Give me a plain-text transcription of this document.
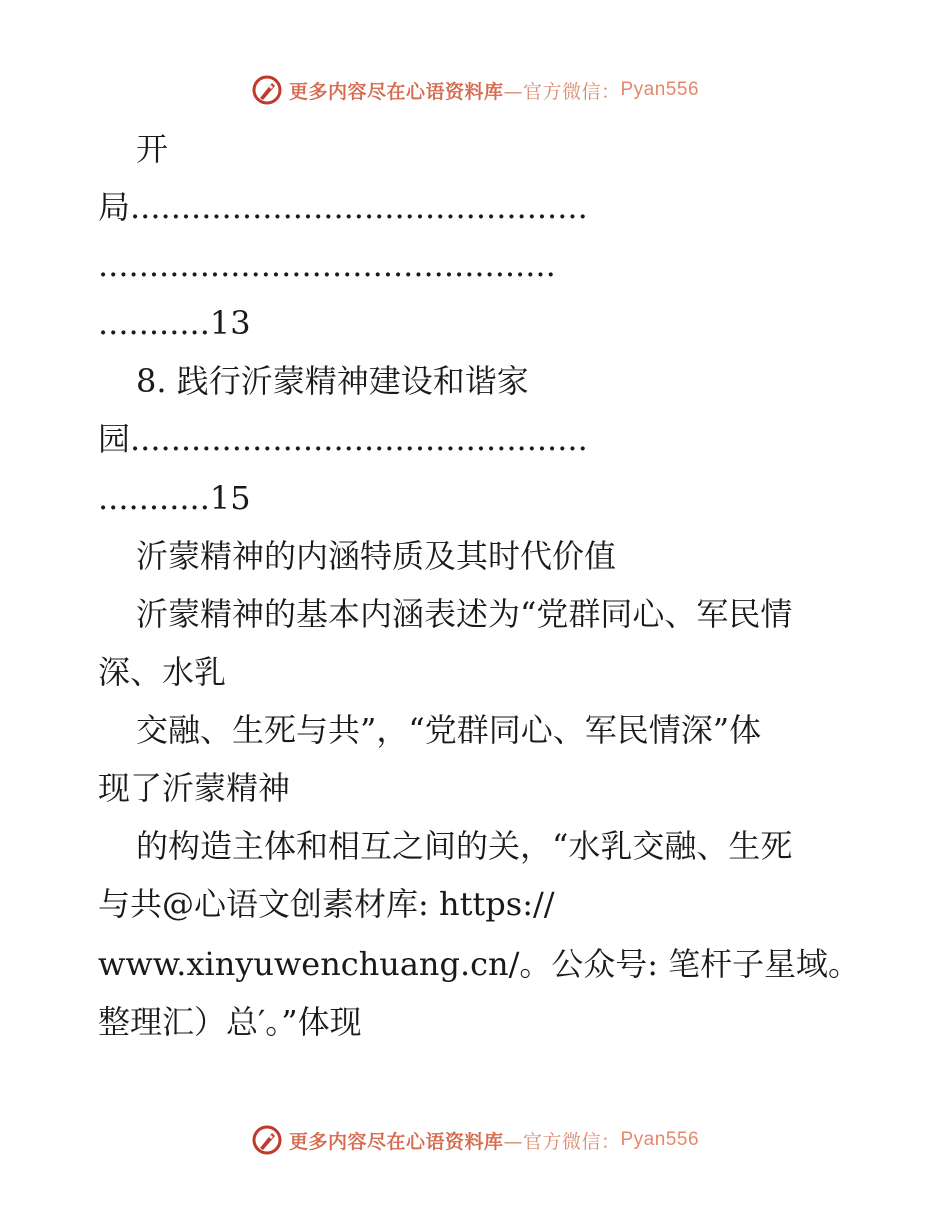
更多内容尽在心语资料库 —官方微信： Pyan556
开
局.............................................
.............................................
...........13
8. 践行沂蒙精神建设和谐家
园.............................................
...........15
沂蒙精神的内涵特质及其时代价值
沂蒙精神的基本内涵表述为“党群同心、军民情
深、水乳
交融、生死与共”，“党群同心、军民情深”体
现了沂蒙精神
的构造主体和相互之间的关，“水乳交融、生死
与共@心语文创素材库: https://
www.xinyuwenchuang.cn/。公众号: 笔杆子星域。
整理汇）总′。”体现
更多内容尽在心语资料库 —官方微信： Pyan556
